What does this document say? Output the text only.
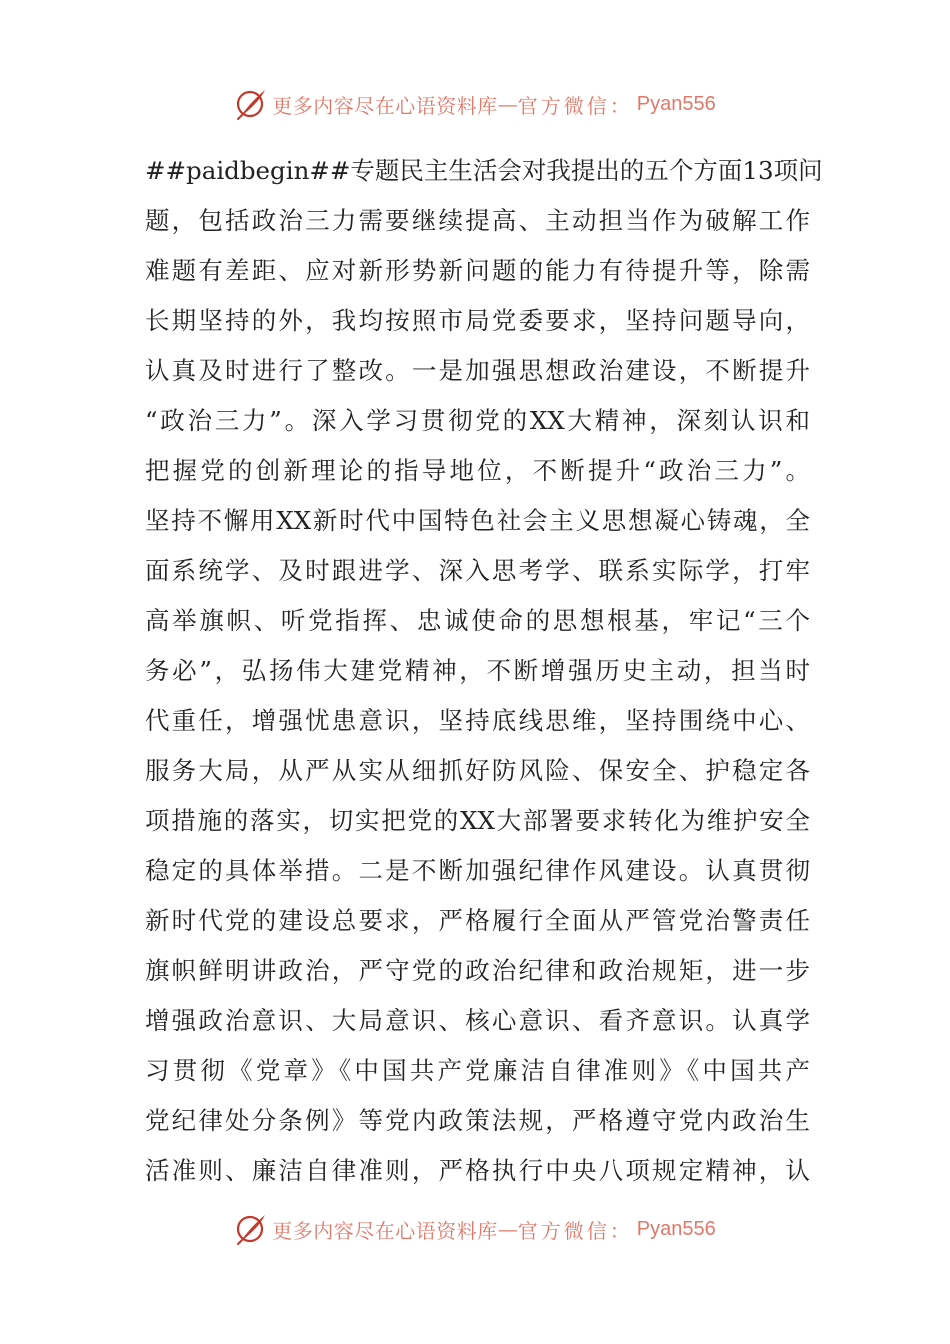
更多内容尽在心语资料库 — 官方微信： Pyan556
##paidbegin##专题民主生活会对我提出的五个方面13项问
题，包括政治三力需要继续提高、主动担当作为破解工作
难题有差距、应对新形势新问题的能力有待提升等，除需
长期坚持的外，我均按照市局党委要求，坚持问题导向，
认真及时进行了整改。一是加强思想政治建设，不断提升
“政治三力”。深入学习贯彻党的XX大精神，深刻认识和
把握党的创新理论的指导地位，不断提升“政治三力”。
坚持不懈用XX新时代中国特色社会主义思想凝心铸魂，全
面系统学、及时跟进学、深入思考学、联系实际学，打牢
高举旗帜、听党指挥、忠诚使命的思想根基，牢记“三个
务必”，弘扬伟大建党精神，不断增强历史主动，担当时
代重任，增强忧患意识，坚持底线思维，坚持围绕中心、
服务大局，从严从实从细抓好防风险、保安全、护稳定各
项措施的落实，切实把党的XX大部署要求转化为维护安全
稳定的具体举措。二是不断加强纪律作风建设。认真贯彻
新时代党的建设总要求，严格履行全面从严管党治警责任
旗帜鲜明讲政治，严守党的政治纪律和政治规矩，进一步
增强政治意识、大局意识、核心意识、看齐意识。认真学
习贯彻《党章》《中国共产党廉洁自律准则》《中国共产
党纪律处分条例》等党内政策法规，严格遵守党内政治生
活准则、廉洁自律准则，严格执行中央八项规定精神，认
更多内容尽在心语资料库 — 官方微信： Pyan556
